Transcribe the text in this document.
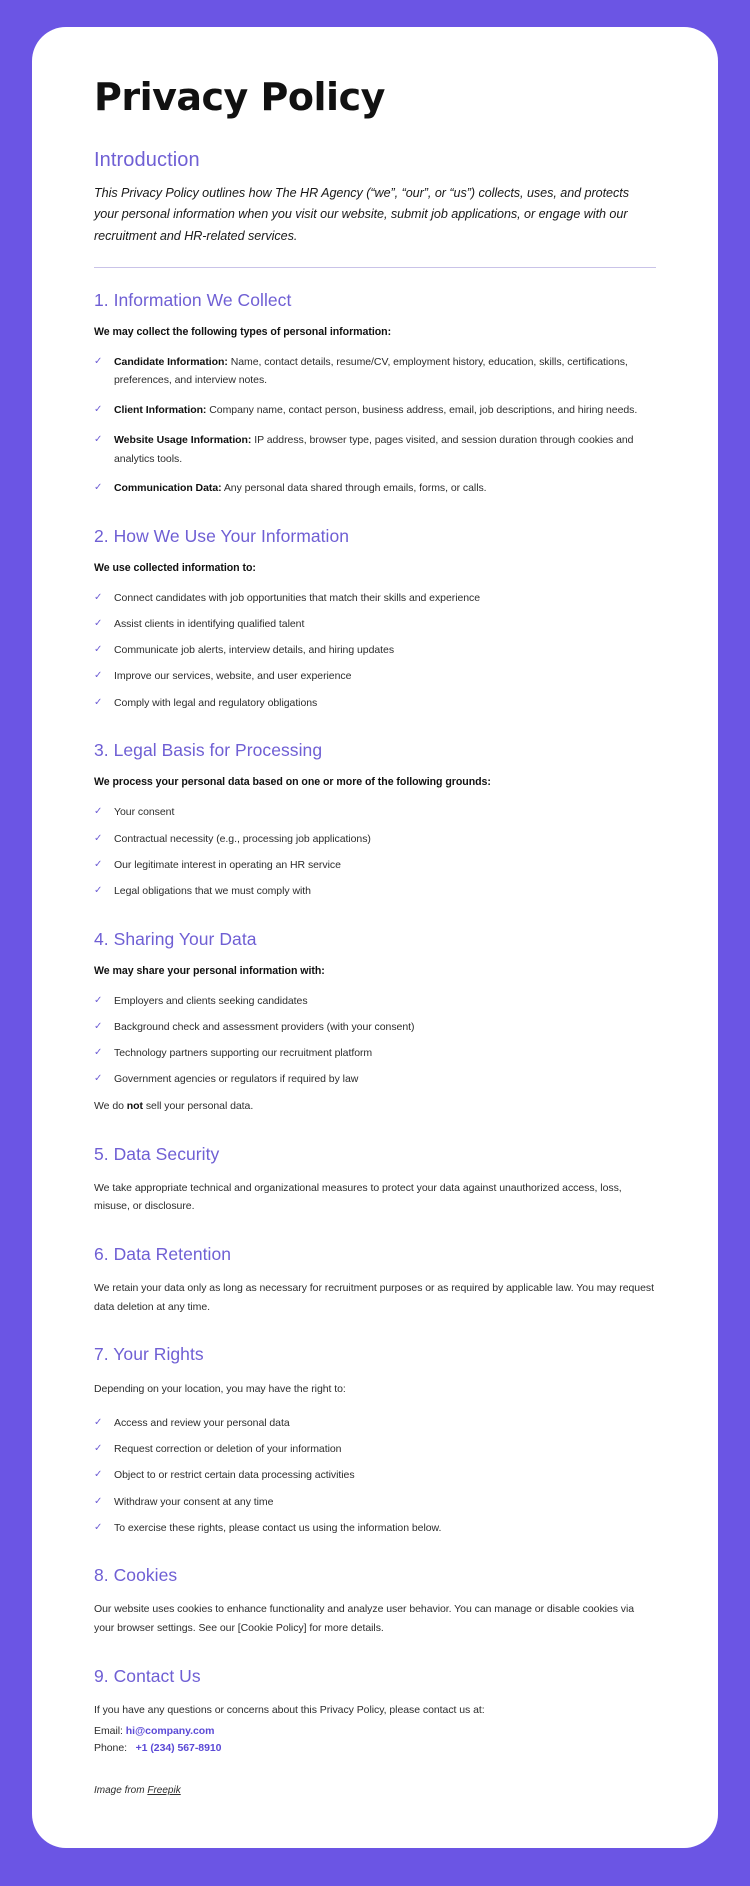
Privacy Policy
Introduction

This Privacy Policy outlines how The HR Agency (“we”, “our”, or “us”) collects, uses, and protects your personal information when you visit our website, submit job applications, or engage with our recruitment and HR-related services.

1. Information We Collect

We may collect the following types of personal information:

✓ Candidate Information: Name, contact details, resume/CV, employment history, education, skills, certifications, preferences, and interview notes.
✓ Client Information: Company name, contact person, business address, email, job descriptions, and hiring needs.
✓ Website Usage Information: IP address, browser type, pages visited, and session duration through cookies and analytics tools.
✓ Communication Data: Any personal data shared through emails, forms, or calls.
2. How We Use Your Information

We use collected information to:

✓ Connect candidates with job opportunities that match their skills and experience
✓ Assist clients in identifying qualified talent
✓ Communicate job alerts, interview details, and hiring updates
✓ Improve our services, website, and user experience
✓ Comply with legal and regulatory obligations
3. Legal Basis for Processing

We process your personal data based on one or more of the following grounds:

✓ Your consent
✓ Contractual necessity (e.g., processing job applications)
✓ Our legitimate interest in operating an HR service
✓ Legal obligations that we must comply with
4. Sharing Your Data

We may share your personal information with:

✓ Employers and clients seeking candidates
✓ Background check and assessment providers (with your consent)
✓ Technology partners supporting our recruitment platform
✓ Government agencies or regulators if required by law

We do not sell your personal data.

5. Data Security

We take appropriate technical and organizational measures to protect your data against unauthorized access, loss, misuse, or disclosure.

6. Data Retention

We retain your data only as long as necessary for recruitment purposes or as required by applicable law. You may request data deletion at any time.

7. Your Rights

Depending on your location, you may have the right to:

✓ Access and review your personal data
✓ Request correction or deletion of your information
✓ Object to or restrict certain data processing activities
✓ Withdraw your consent at any time
✓ To exercise these rights, please contact us using the information below.
8. Cookies

Our website uses cookies to enhance functionality and analyze user behavior. You can manage or disable cookies via your browser settings. See our [Cookie Policy] for more details.

9. Contact Us

If you have any questions or concerns about this Privacy Policy, please contact us at:

Email: hi@company.com
Phone: +1 (234) 567-8910
Image from Freepik
